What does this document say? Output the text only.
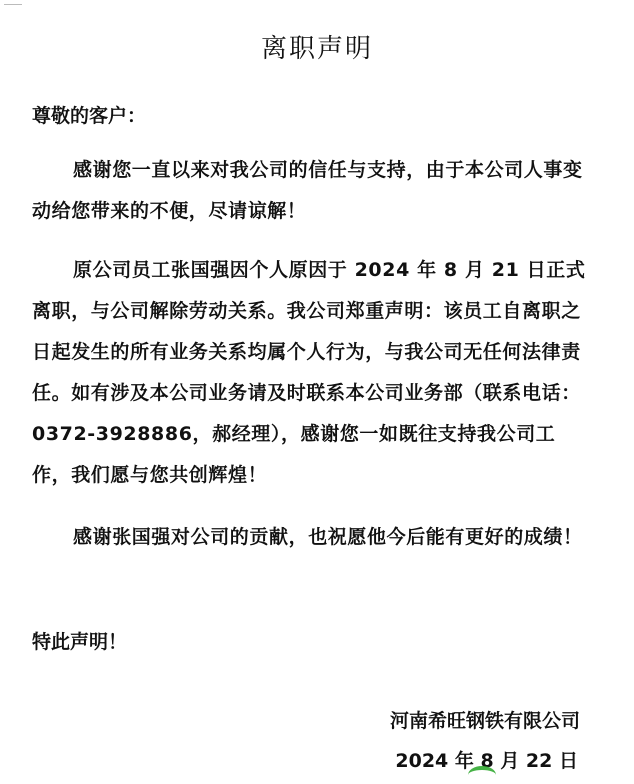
离职声明
尊敬的客户：
感谢您一直以来对我公司的信任与支持，由于本公司人事变动给您带来的不便，尽请谅解！
原公司员工张国强因个人原因于 2024 年 8 月 21 日正式离职，与公司解除劳动关系。我公司郑重声明：该员工自离职之日起发生的所有业务关系均属个人行为，与我公司无任何法律责任。如有涉及本公司业务请及时联系本公司业务部（联系电话：0372-3928886，郝经理），感谢您一如既往支持我公司工作，我们愿与您共创辉煌！
感谢张国强对公司的贡献，也祝愿他今后能有更好的成绩！
特此声明！
河南希旺钢铁有限公司
2024 年 8 月 22 日
